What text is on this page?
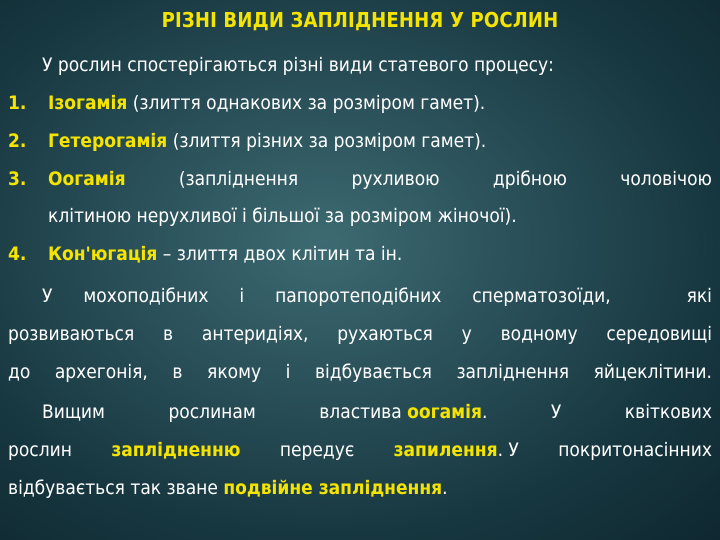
РІЗНІ ВИДИ ЗАПЛІДНЕННЯ У РОСЛИН
У рослин спостерігаються різні види статевого процесу:
1. Ізогамія (злиття однакових за розміром гамет).
2. Гетерогамія (злиття різних за розміром гамет).
3. Оогамія	(запліднення	рухливою	дрібною	чоловічою
клітиною нерухливої і більшої за розміром жіночої).
4. Кон'югація – злиття двох клітин та ін.
У мохоподібних і папоротеподібних сперматозоїди,	які
розвиваються в антеридіях, рухаються у водному середовищі
до архегонія, в якому і відбувається запліднення яйцеклітини.
Вищим	рослинам	властива оогамія.	У	квіткових
рослин заплідненню передує запилення. У покритонасінних
відбувається так зване подвійне запліднення.
